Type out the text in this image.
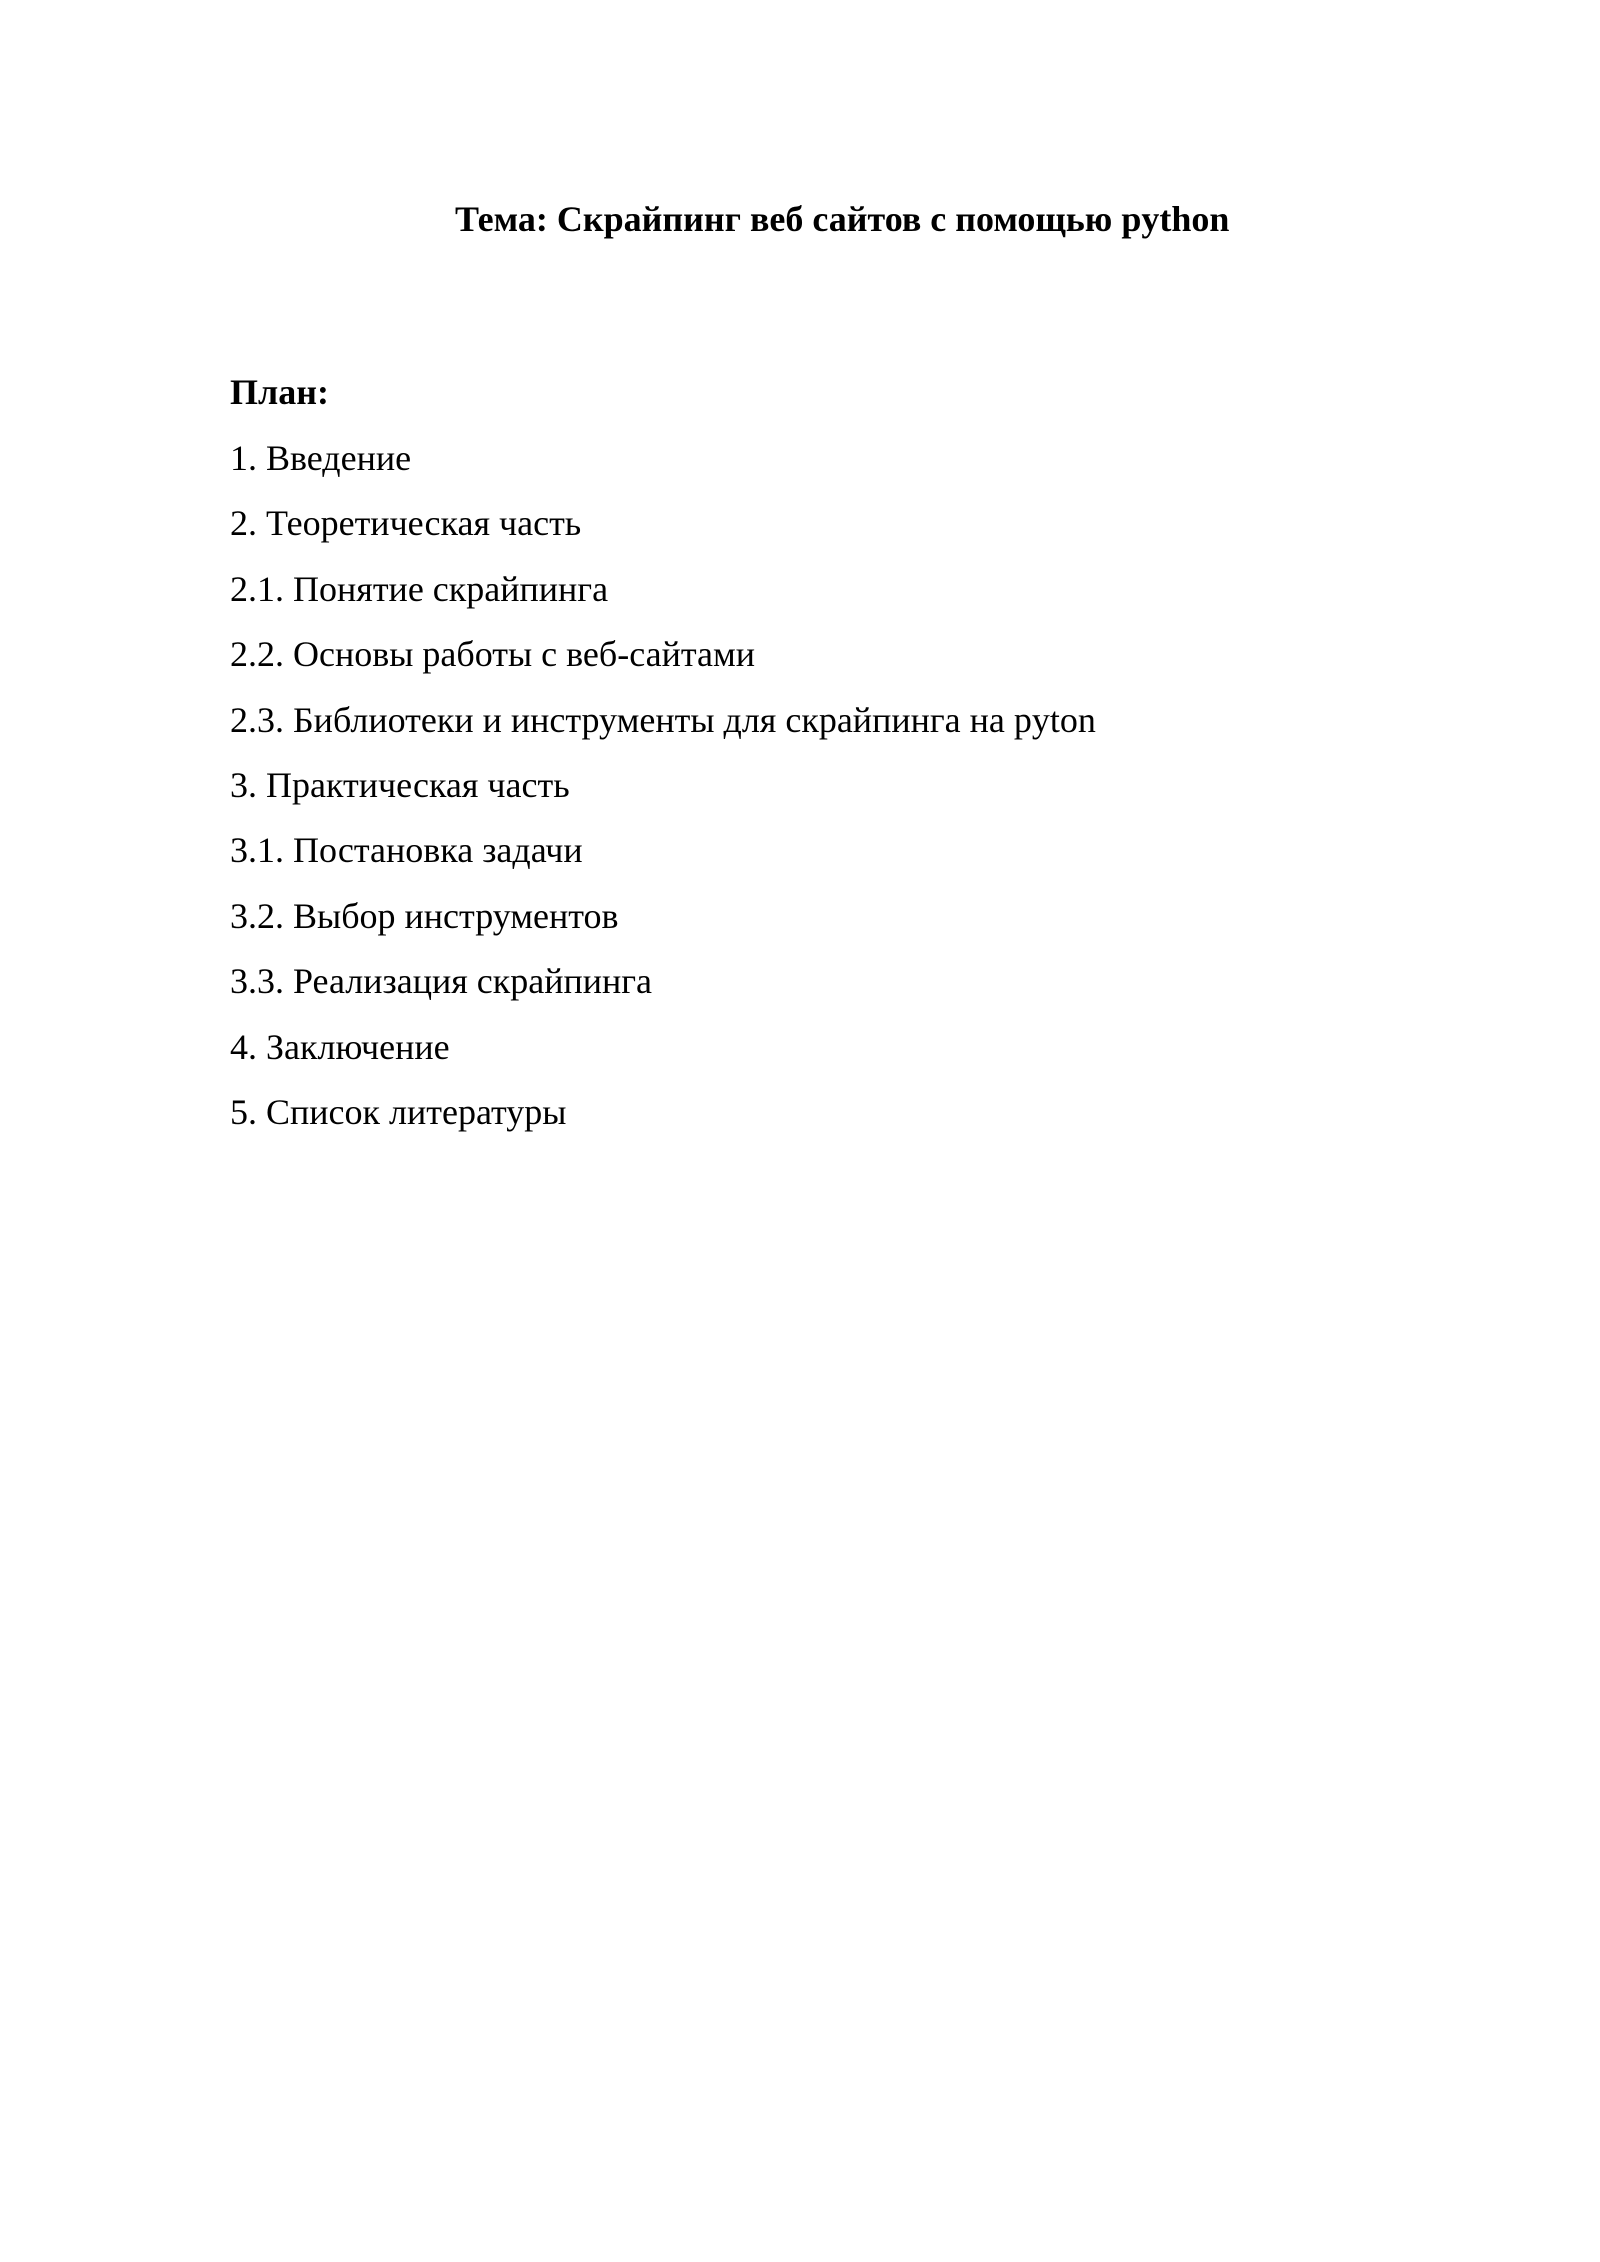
Тема: Скрайпинг веб сайтов с помощью python
План:
1. Введение
2. Теоретическая часть
2.1. Понятие скрайпинга
2.2. Основы работы с веб-сайтами
2.3. Библиотеки и инструменты для скрайпинга на pyton
3. Практическая часть
3.1. Постановка задачи
3.2. Выбор инструментов
3.3. Реализация скрайпинга
4. Заключение
5. Список литературы
